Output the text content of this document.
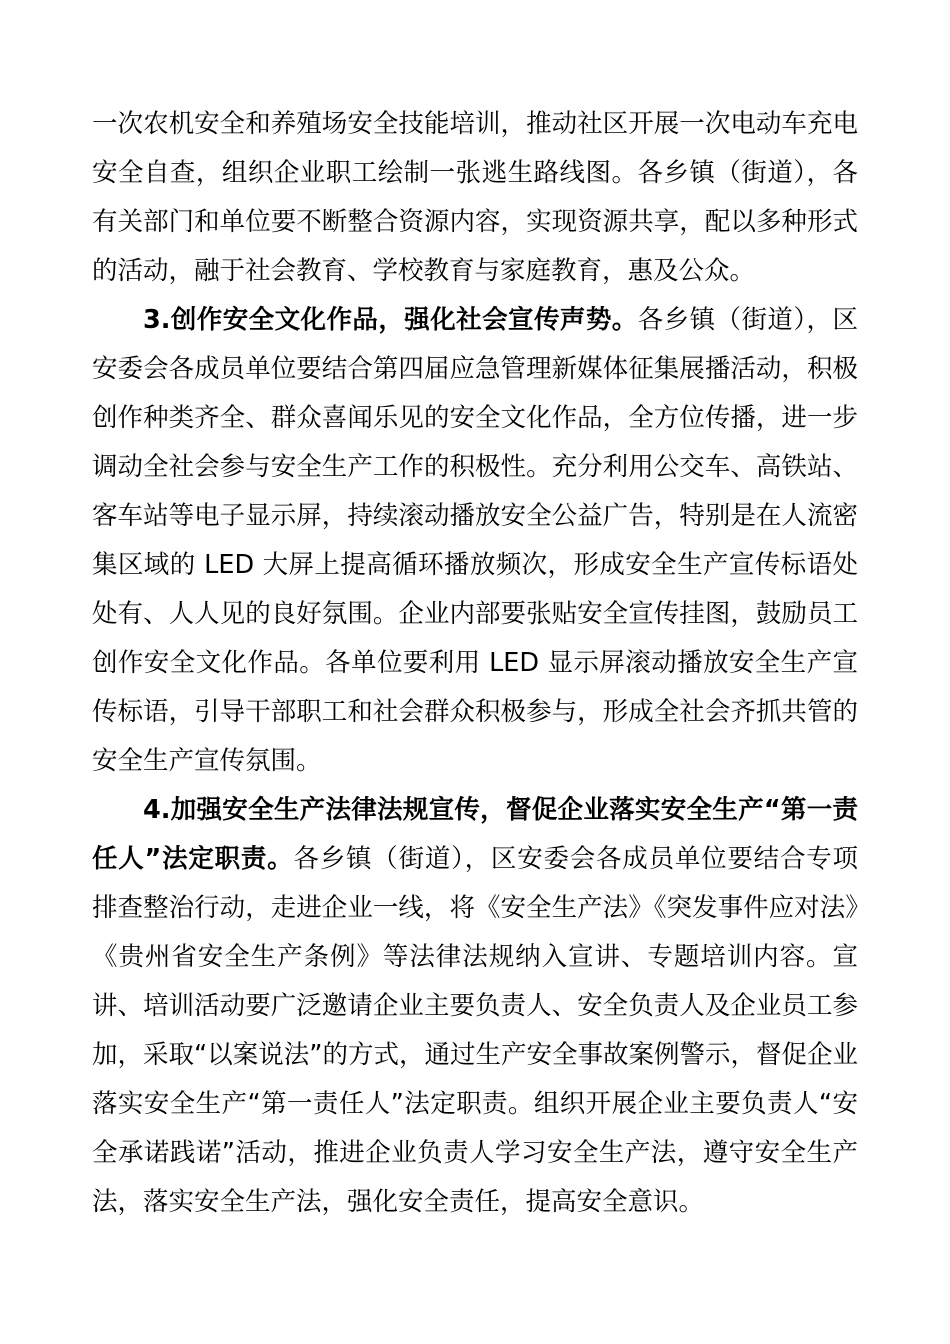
一次农机安全和养殖场安全技能培训，推动社区开展一次电动车充电安全自查，组织企业职工绘制一张逃生路线图。各乡镇（街道），各有关部门和单位要不断整合资源内容，实现资源共享，配以多种形式的活动，融于社会教育、学校教育与家庭教育，惠及公众。

3.创作安全文化作品，强化社会宣传声势。各乡镇（街道），区安委会各成员单位要结合第四届应急管理新媒体征集展播活动，积极创作种类齐全、群众喜闻乐见的安全文化作品，全方位传播，进一步调动全社会参与安全生产工作的积极性。充分利用公交车、高铁站、客车站等电子显示屏，持续滚动播放安全公益广告，特别是在人流密集区域的 LED 大屏上提高循环播放频次，形成安全生产宣传标语处处有、人人见的良好氛围。企业内部要张贴安全宣传挂图，鼓励员工创作安全文化作品。各单位要利用 LED 显示屏滚动播放安全生产宣传标语，引导干部职工和社会群众积极参与，形成全社会齐抓共管的安全生产宣传氛围。

4.加强安全生产法律法规宣传，督促企业落实安全生产“第一责任人”法定职责。各乡镇（街道），区安委会各成员单位要结合专项排查整治行动，走进企业一线，将《安全生产法》《突发事件应对法》《贵州省安全生产条例》等法律法规纳入宣讲、专题培训内容。宣讲、培训活动要广泛邀请企业主要负责人、安全负责人及企业员工参加，采取“以案说法”的方式，通过生产安全事故案例警示，督促企业落实安全生产“第一责任人”法定职责。组织开展企业主要负责人“安全承诺践诺”活动，推进企业负责人学习安全生产法，遵守安全生产法，落实安全生产法，强化安全责任，提高安全意识。
